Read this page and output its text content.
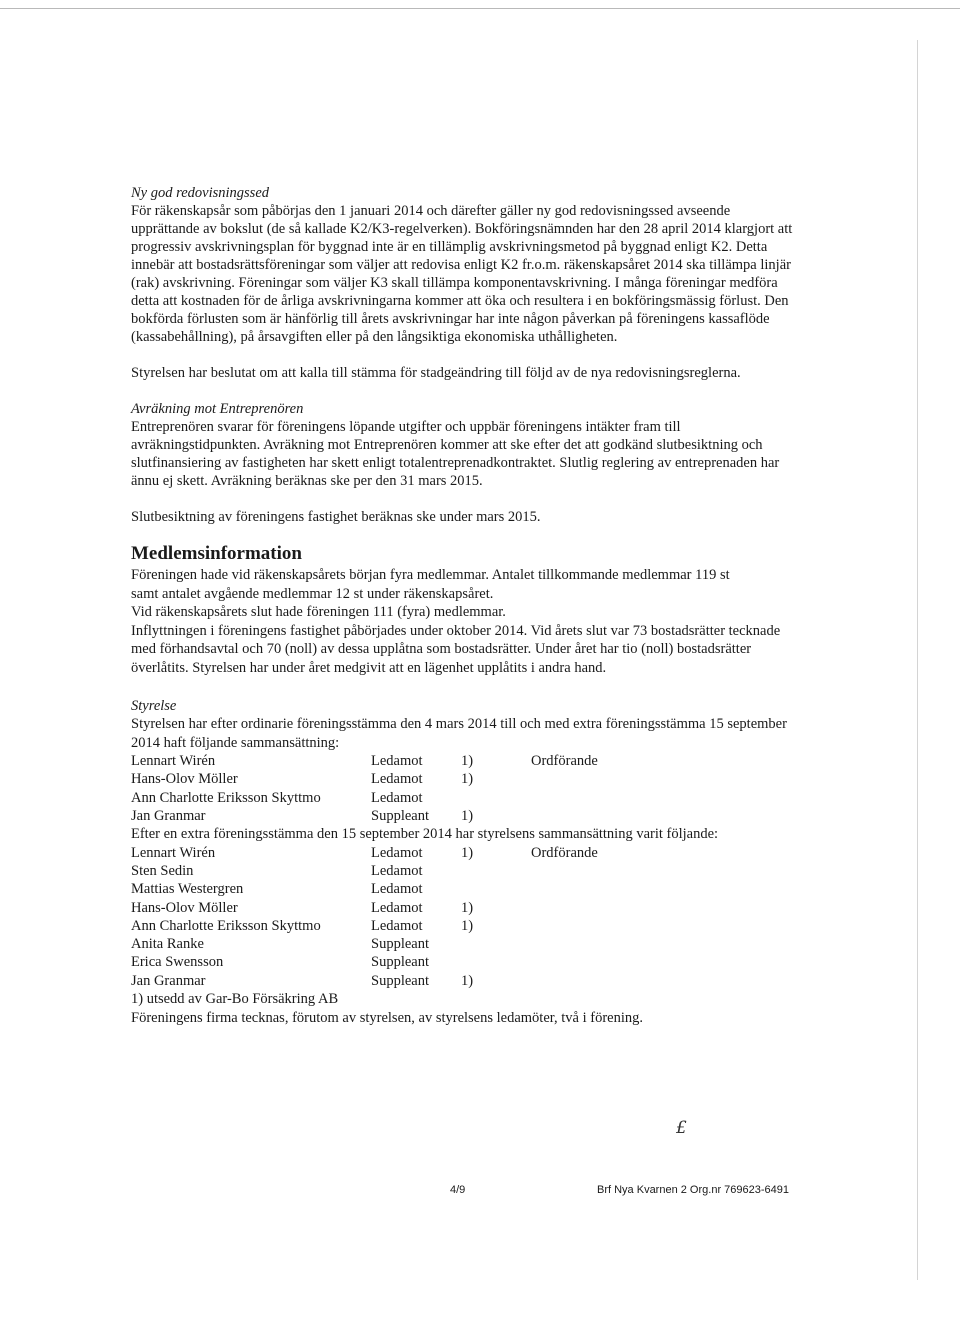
Ny god redovisningssed

För räkenskapsår som påbörjas den 1 januari 2014 och därefter gäller ny god redovisningssed avseende upprättande av bokslut (de så kallade K2/K3-regelverken). Bokföringsnämnden har den 28 april 2014 klargjort att progressiv avskrivningsplan för byggnad inte är en tillämplig avskrivningsmetod på byggnad enligt K2. Detta innebär att bostadsrättsföreningar som väljer att redovisa enligt K2 fr.o.m. räkenskapsåret 2014 ska tillämpa linjär (rak) avskrivning. Föreningar som väljer K3 skall tillämpa komponentavskrivning. I många föreningar medföra detta att kostnaden för de årliga avskrivningarna kommer att öka och resultera i en bokföringsmässig förlust. Den bokförda förlusten som är hänförlig till årets avskrivningar har inte någon påverkan på föreningens kassaflöde (kassabehållning), på årsavgiften eller på den långsiktiga ekonomiska uthålligheten.

Styrelsen har beslutat om att kalla till stämma för stadgeändring till följd av de nya redovisningsreglerna.

Avräkning mot Entreprenören

Entreprenören svarar för föreningens löpande utgifter och uppbär föreningens intäkter fram till avräkningstidpunkten. Avräkning mot Entreprenören kommer att ske efter det att godkänd slutbesiktning och slutfinansiering av fastigheten har skett enligt totalentreprenadkontraktet. Slutlig reglering av entreprenaden har ännu ej skett. Avräkning beräknas ske per den 31 mars 2015.

Slutbesiktning av föreningens fastighet beräknas ske under mars 2015.

Medlemsinformation

Föreningen hade vid räkenskapsårets början fyra medlemmar. Antalet tillkommande medlemmar 119 st

samt antalet avgående medlemmar 12 st under räkenskapsåret.

Vid räkenskapsårets slut hade föreningen 111 (fyra) medlemmar.

Inflyttningen i föreningens fastighet påbörjades under oktober 2014. Vid årets slut var 73 bostadsrätter tecknade med förhandsavtal och 70 (noll) av dessa upplåtna som bostadsrätter. Under året har tio (noll) bostadsrätter överlåtits. Styrelsen har under året medgivit att en lägenhet upplåtits i andra hand.

Styrelse

Styrelsen har efter ordinarie föreningsstämma den 4 mars 2014 till och med extra föreningsstämma 15 september 2014 haft följande sammansättning:

Lennart Wirén	Ledamot	1)	Ordförande
Hans-Olov Möller	Ledamot	1)
Ann Charlotte Eriksson Skyttmo	Ledamot
Jan Granmar	Suppleant	1)

Efter en extra föreningsstämma den 15 september 2014 har styrelsens sammansättning varit följande:

Lennart Wirén	Ledamot	1)	Ordförande
Sten Sedin	Ledamot
Mattias Westergren	Ledamot
Hans-Olov Möller	Ledamot	1)
Ann Charlotte Eriksson Skyttmo	Ledamot	1)
Anita Ranke	Suppleant
Erica Swensson	Suppleant
Jan Granmar	Suppleant	1)

1) utsedd av Gar-Bo Försäkring AB

Föreningens firma tecknas, förutom av styrelsen, av styrelsens ledamöter, två i förening.

£
4/9	Brf Nya Kvarnen 2 Org.nr 769623-6491
